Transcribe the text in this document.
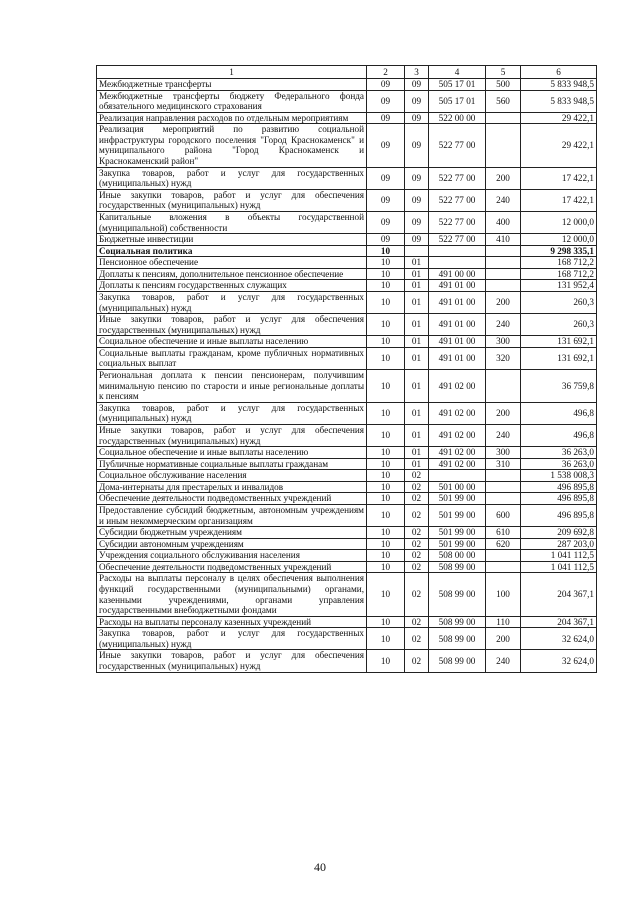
1	2	3	4	5	6
Межбюджетные трансферты	09	09	505 17 01	500	5 833 948,5
Межбюджетные трансферты бюджету Федерального фонда обязательного медицинского страхования	09	09	505 17 01	560	5 833 948,5
Реализация направления расходов по отдельным мероприятиям	09	09	522 00 00		29 422,1
Реализация мероприятий по развитию социальной инфраструктуры городского поселения "Город Краснокаменск" и муниципального района "Город Краснокаменск и Краснокаменский район"	09	09	522 77 00		29 422,1
Закупка товаров, работ и услуг для государственных (муниципальных) нужд	09	09	522 77 00	200	17 422,1
Иные закупки товаров, работ и услуг для обеспечения государственных (муниципальных) нужд	09	09	522 77 00	240	17 422,1
Капитальные вложения в объекты государственной (муниципальной) собственности	09	09	522 77 00	400	12 000,0
Бюджетные инвестиции	09	09	522 77 00	410	12 000,0
Социальная политика	10				9 298 335,1
Пенсионное обеспечение	10	01			168 712,2
Доплаты к пенсиям, дополнительное пенсионное обеспечение	10	01	491 00 00		168 712,2
Доплаты к пенсиям государственных служащих	10	01	491 01 00		131 952,4
Закупка товаров, работ и услуг для государственных (муниципальных) нужд	10	01	491 01 00	200	260,3
Иные закупки товаров, работ и услуг для обеспечения государственных (муниципальных) нужд	10	01	491 01 00	240	260,3
Социальное обеспечение и иные выплаты населению	10	01	491 01 00	300	131 692,1
Социальные выплаты гражданам, кроме публичных нормативных социальных выплат	10	01	491 01 00	320	131 692,1
Региональная доплата к пенсии пенсионерам, получившим минимальную пенсию по старости и иные региональные доплаты к пенсиям	10	01	491 02 00		36 759,8
Закупка товаров, работ и услуг для государственных (муниципальных) нужд	10	01	491 02 00	200	496,8
Иные закупки товаров, работ и услуг для обеспечения государственных (муниципальных) нужд	10	01	491 02 00	240	496,8
Социальное обеспечение и иные выплаты населению	10	01	491 02 00	300	36 263,0
Публичные нормативные социальные выплаты гражданам	10	01	491 02 00	310	36 263,0
Социальное обслуживание населения	10	02			1 538 008,3
Дома-интернаты для престарелых и инвалидов	10	02	501 00 00		496 895,8
Обеспечение деятельности подведомственных учреждений	10	02	501 99 00		496 895,8
Предоставление субсидий бюджетным, автономным учреждениям и иным некоммерческим организациям	10	02	501 99 00	600	496 895,8
Субсидии бюджетным учреждениям	10	02	501 99 00	610	209 692,8
Субсидии автономным учреждениям	10	02	501 99 00	620	287 203,0
Учреждения социального обслуживания населения	10	02	508 00 00		1 041 112,5
Обеспечение деятельности подведомственных учреждений	10	02	508 99 00		1 041 112,5
Расходы на выплаты персоналу в целях обеспечения выполнения функций государственными (муниципальными) органами, казенными учреждениями, органами управления государственными внебюджетными фондами	10	02	508 99 00	100	204 367,1
Расходы на выплаты персоналу казенных учреждений	10	02	508 99 00	110	204 367,1
Закупка товаров, работ и услуг для государственных (муниципальных) нужд	10	02	508 99 00	200	32 624,0
Иные закупки товаров, работ и услуг для обеспечения государственных (муниципальных) нужд	10	02	508 99 00	240	32 624,0
40
